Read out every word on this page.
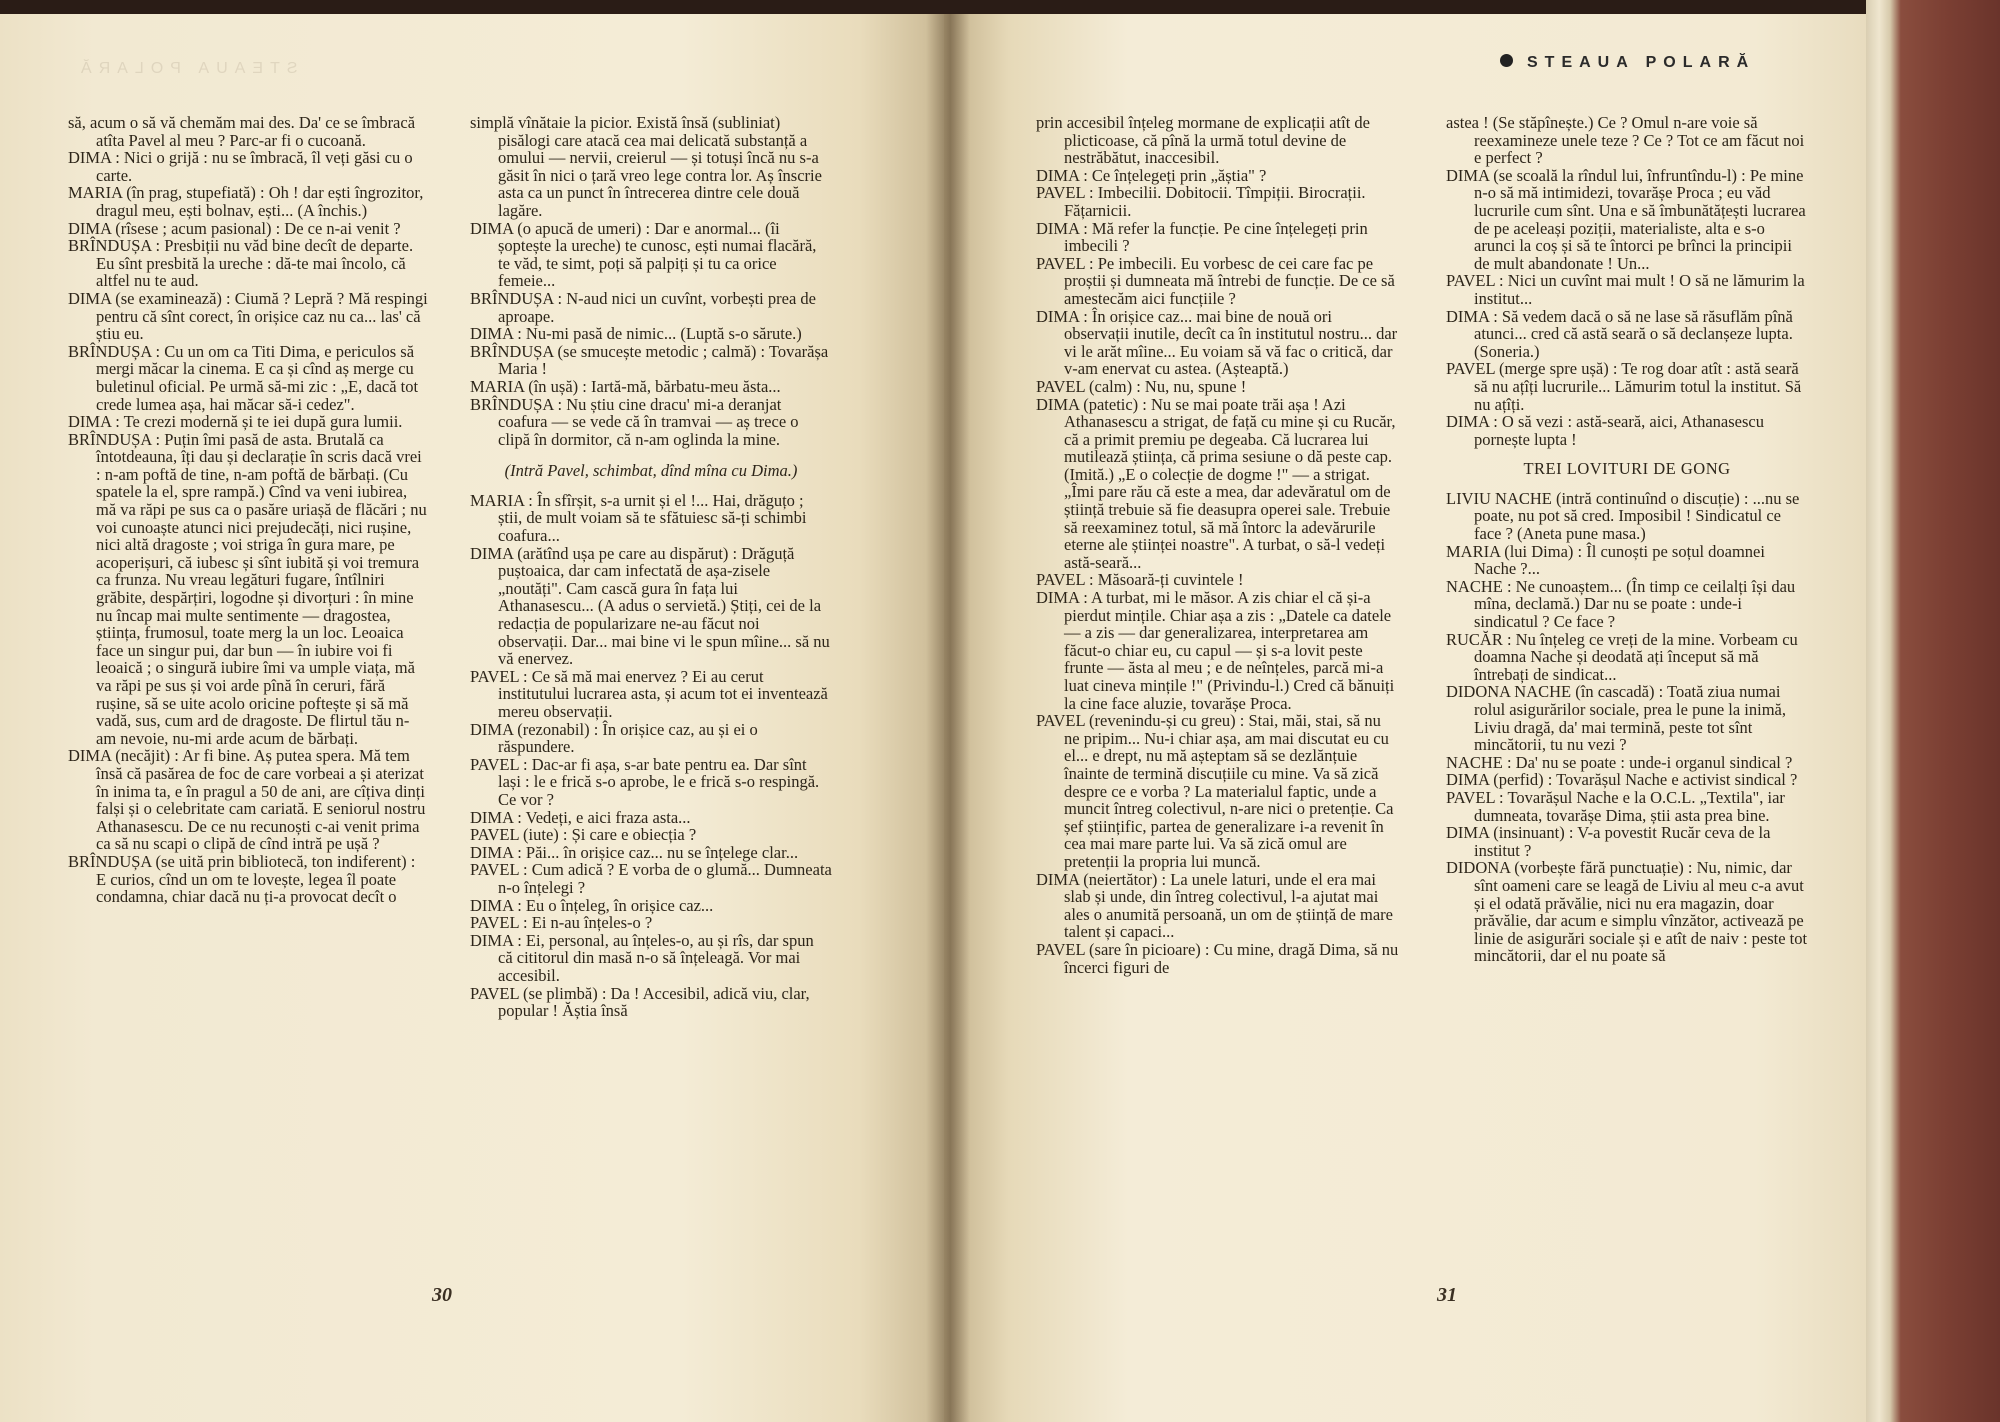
STEAUA POLARĂ

să, acum o să vă chemăm mai des. Da' ce se îmbracă atîta Pavel al meu ? Parc-ar fi o cucoană.

DIMA : Nici o grijă : nu se îmbracă, îl veți găsi cu o carte.

MARIA (în prag, stupefiată) : Oh ! dar ești îngrozitor, dragul meu, ești bolnav, ești... (A închis.)

DIMA (rîsese ; acum pasional) : De ce n-ai venit ?

BRÎNDUȘA : Presbiții nu văd bine decît de departe. Eu sînt presbită la ureche : dă-te mai încolo, că altfel nu te aud.

DIMA (se examinează) : Ciumă ? Lepră ? Mă respingi pentru că sînt corect, în orișice caz nu ca... las' că știu eu.

BRÎNDUȘA : Cu un om ca Titi Dima, e periculos să mergi măcar la cinema. E ca și cînd aș merge cu buletinul oficial. Pe urmă să-mi zic : „E, dacă tot crede lumea așa, hai măcar să-i cedez".

DIMA : Te crezi modernă și te iei după gura lumii.

BRÎNDUȘA : Puțin îmi pasă de asta. Brutală ca întotdeauna, îți dau și declarație în scris dacă vrei : n-am poftă de tine, n-am poftă de bărbați. (Cu spatele la el, spre rampă.) Cînd va veni iubirea, mă va răpi pe sus ca o pasăre uriașă de flăcări ; nu voi cunoaște atunci nici prejudecăți, nici rușine, nici altă dragoste ; voi striga în gura mare, pe acoperișuri, că iubesc și sînt iubită și voi tremura ca frunza. Nu vreau legături fugare, întîlniri grăbite, despărțiri, logodne și divorțuri : în mine nu încap mai multe sentimente — dragostea, știința, frumosul, toate merg la un loc. Leoaica face un singur pui, dar bun — în iubire voi fi leoaică ; o singură iubire îmi va umple viața, mă va răpi pe sus și voi arde pînă în ceruri, fără rușine, să se uite acolo oricine poftește și să mă vadă, sus, cum ard de dragoste. De flirtul tău n-am nevoie, nu-mi arde acum de bărbați.

DIMA (necăjit) : Ar fi bine. Aș putea spera. Mă tem însă că pasărea de foc de care vorbeai a și aterizat în inima ta, e în pragul a 50 de ani, are cîțiva dinți falși și o celebritate cam cariată. E seniorul nostru Athanasescu. De ce nu recunoști c-ai venit prima ca să nu scapi o clipă de cînd intră pe ușă ?

BRÎNDUȘA (se uită prin bibliotecă, ton indiferent) : E curios, cînd un om te lovește, legea îl poate condamna, chiar dacă nu ți-a provocat decît o

simplă vînătaie la picior. Există însă (subliniat) pisălogi care atacă cea mai delicată substanță a omului — nervii, creierul — și totuși încă nu s-a găsit în nici o țară vreo lege contra lor. Aș înscrie asta ca un punct în întrecerea dintre cele două lagăre.

DIMA (o apucă de umeri) : Dar e anormal... (îi șoptește la ureche) te cunosc, ești numai flacără, te văd, te simt, poți să palpiți și tu ca orice femeie...

BRÎNDUȘA : N-aud nici un cuvînt, vorbești prea de aproape.

DIMA : Nu-mi pasă de nimic... (Luptă s-o sărute.)

BRÎNDUȘA (se smucește metodic ; calmă) : Tovarășa Maria !

MARIA (în ușă) : Iartă-mă, bărbatu-meu ăsta...

BRÎNDUȘA : Nu știu cine dracu' mi-a deranjat coafura — se vede că în tramvai — aș trece o clipă în dormitor, că n-am oglinda la mine.

(Intră Pavel, schimbat, dînd mîna cu Dima.)

MARIA : În sfîrșit, s-a urnit și el !... Hai, drăguțo ; știi, de mult voiam să te sfătuiesc să-ți schimbi coafura...

DIMA (arătînd ușa pe care au dispărut) : Drăguță puștoaica, dar cam infectată de așa-zisele „noutăți". Cam cască gura în fața lui Athanasescu... (A adus o servietă.) Știți, cei de la redacția de popularizare ne-au făcut noi observații. Dar... mai bine vi le spun mîine... să nu vă enervez.

PAVEL : Ce să mă mai enervez ? Ei au cerut institutului lucrarea asta, și acum tot ei inventează mereu observații.

DIMA (rezonabil) : În orișice caz, au și ei o răspundere.

PAVEL : Dac-ar fi așa, s-ar bate pentru ea. Dar sînt lași : le e frică s-o aprobe, le e frică s-o respingă. Ce vor ?

DIMA : Vedeți, e aici fraza asta...

PAVEL (iute) : Și care e obiecția ?

DIMA : Păi... în orișice caz... nu se înțelege clar...

PAVEL : Cum adică ? E vorba de o glumă... Dumneata n-o înțelegi ?

DIMA : Eu o înțeleg, în orișice caz...

PAVEL : Ei n-au înțeles-o ?

DIMA : Ei, personal, au înțeles-o, au și rîs, dar spun că cititorul din masă n-o să înțeleagă. Vor mai accesibil.

PAVEL (se plimbă) : Da ! Accesibil, adică viu, clar, popular ! Ăștia însă

30

prin accesibil înțeleg mormane de explicații atît de plicticoase, că pînă la urmă totul devine de nestrăbătut, inaccesibil.

DIMA : Ce înțelegeți prin „ăștia" ?

PAVEL : Imbecilii. Dobitocii. Tîmpiții. Birocrații. Fățarnicii.

DIMA : Mă refer la funcție. Pe cine înțelegeți prin imbecili ?

PAVEL : Pe imbecili. Eu vorbesc de cei care fac pe proștii și dumneata mă întrebi de funcție. De ce să amestecăm aici funcțiile ?

DIMA : În orișice caz... mai bine de nouă ori observații inutile, decît ca în institutul nostru... dar vi le arăt mîine... Eu voiam să vă fac o critică, dar v-am enervat cu astea. (Așteaptă.)

PAVEL (calm) : Nu, nu, spune !

DIMA (patetic) : Nu se mai poate trăi așa ! Azi Athanasescu a strigat, de față cu mine și cu Rucăr, că a primit premiu pe degeaba. Că lucrarea lui mutilează știința, că prima sesiune o dă peste cap. (Imită.) „E o colecție de dogme !" — a strigat. „Îmi pare rău că este a mea, dar adevăratul om de știință trebuie să fie deasupra operei sale. Trebuie să reexaminez totul, să mă întorc la adevărurile eterne ale științei noastre". A turbat, o să-l vedeți astă-seară...

PAVEL : Măsoară-ți cuvintele !

DIMA : A turbat, mi le măsor. A zis chiar el că și-a pierdut mințile. Chiar așa a zis : „Datele ca datele — a zis — dar generalizarea, interpretarea am făcut-o chiar eu, cu capul — și s-a lovit peste frunte — ăsta al meu ; e de neînțeles, parcă mi-a luat cineva mințile !" (Privindu-l.) Cred că bănuiți la cine face aluzie, tovarășe Proca.

PAVEL (revenindu-și cu greu) : Stai, măi, stai, să nu ne pripim... Nu-i chiar așa, am mai discutat eu cu el... e drept, nu mă așteptam să se dezlănțuie înainte de termină discuțiile cu mine. Va să zică despre ce e vorba ? La materialul faptic, unde a muncit întreg colectivul, n-are nici o pretenție. Ca șef științific, partea de generalizare i-a revenit în cea mai mare parte lui. Va să zică omul are pretenții la propria lui muncă.

DIMA (neiertător) : La unele laturi, unde el era mai slab și unde, din întreg colectivul, l-a ajutat mai ales o anumită persoană, un om de știință de mare talent și capaci...

PAVEL (sare în picioare) : Cu mine, dragă Dima, să nu încerci figuri de

astea ! (Se stăpînește.) Ce ? Omul n-are voie să reexamineze unele teze ? Ce ? Tot ce am făcut noi e perfect ?

DIMA (se scoală la rîndul lui, înfruntîndu-l) : Pe mine n-o să mă intimidezi, tovarășe Proca ; eu văd lucrurile cum sînt. Una e să îmbunătățești lucrarea de pe aceleași poziții, materialiste, alta e s-o arunci la coș și să te întorci pe brînci la principii de mult abandonate ! Un...

PAVEL : Nici un cuvînt mai mult ! O să ne lămurim la institut...

DIMA : Să vedem dacă o să ne lase să răsuflăm pînă atunci... cred că astă seară o să declanșeze lupta. (Soneria.)

PAVEL (merge spre ușă) : Te rog doar atît : astă seară să nu ațîți lucrurile... Lămurim totul la institut. Să nu ațîți.

DIMA : O să vezi : astă-seară, aici, Athanasescu pornește lupta !

TREI LOVITURI DE GONG

LIVIU NACHE (intră continuînd o discuție) : ...nu se poate, nu pot să cred. Imposibil ! Sindicatul ce face ? (Aneta pune masa.)

MARIA (lui Dima) : Îl cunoști pe soțul doamnei Nache ?...

NACHE : Ne cunoaștem... (În timp ce ceilalți își dau mîna, declamă.) Dar nu se poate : unde-i sindicatul ? Ce face ?

RUCĂR : Nu înțeleg ce vreți de la mine. Vorbeam cu doamna Nache și deodată ați început să mă întrebați de sindicat...

DIDONA NACHE (în cascadă) : Toată ziua numai rolul asigurărilor sociale, prea le pune la inimă, Liviu dragă, da' mai termină, peste tot sînt mincătorii, tu nu vezi ?

NACHE : Da' nu se poate : unde-i organul sindical ?

DIMA (perfid) : Tovarășul Nache e activist sindical ?

PAVEL : Tovarășul Nache e la O.C.L. „Textila", iar dumneata, tovarășe Dima, știi asta prea bine.

DIMA (insinuant) : V-a povestit Rucăr ceva de la institut ?

DIDONA (vorbește fără punctuație) : Nu, nimic, dar sînt oameni care se leagă de Liviu al meu c-a avut și el odată prăvălie, nici nu era magazin, doar prăvălie, dar acum e simplu vînzător, activează pe linie de asigurări sociale și e atît de naiv : peste tot mincătorii, dar el nu poate să

31
STEAUA POLARĂ
